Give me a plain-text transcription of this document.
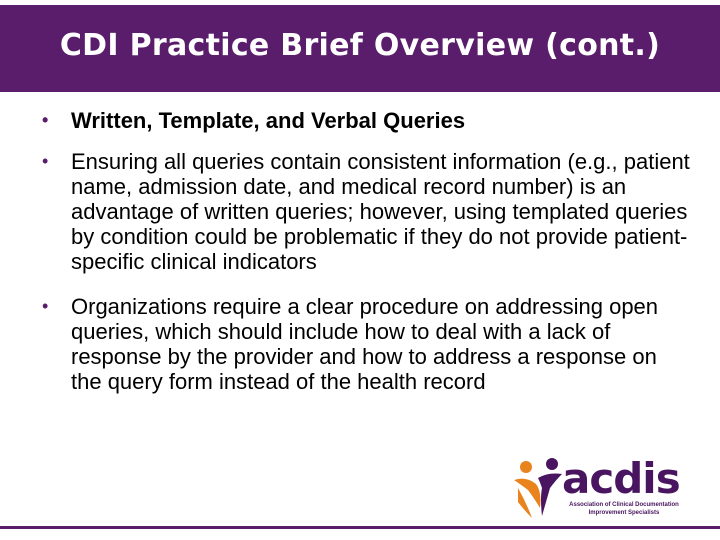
CDI Practice Brief Overview (cont.)
•	Written, Template, and Verbal Queries
•	Ensuring all queries contain consistent information (e.g., patient name, admission date, and medical record number) is an advantage of written queries; however, using templated queries by condition could be problematic if they do not provide patient-specific clinical indicators
•	Organizations require a clear procedure on addressing open queries, which should include how to deal with a lack of response by the provider and how to address a response on the query form instead of the health record
acdis
Association of Clinical Documentation
Improvement Specialists
